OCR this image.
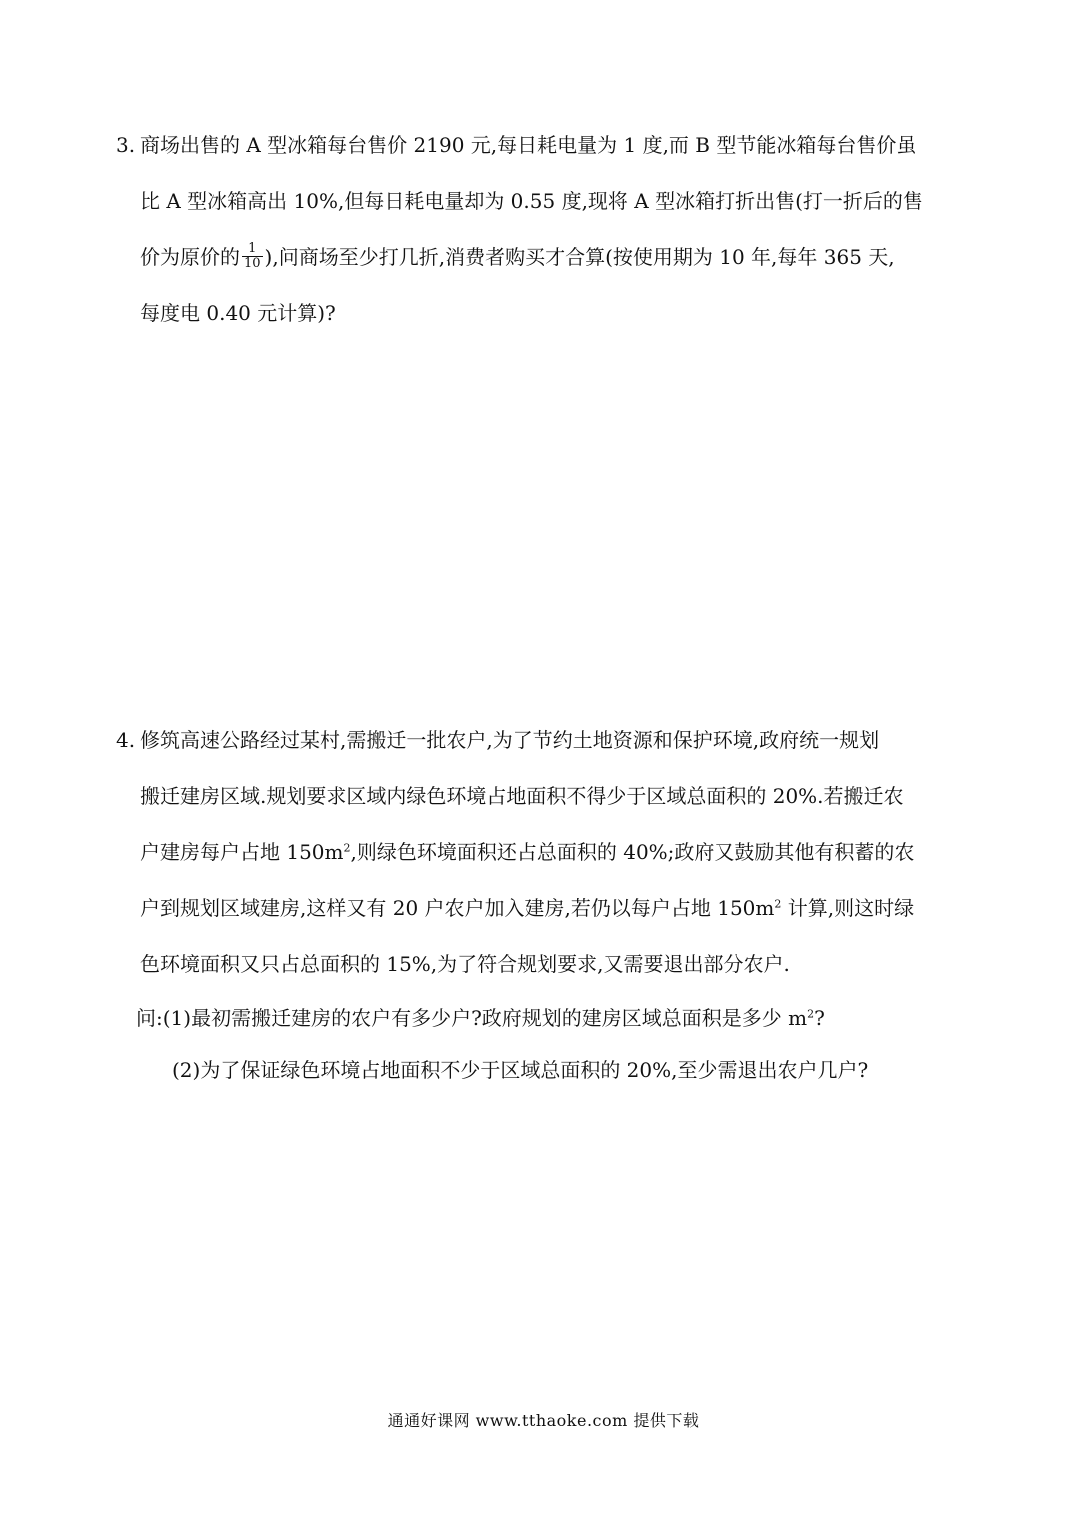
3. 商场出售的 A 型冰箱每台售价 2190 元,每日耗电量为 1 度,而 B 型节能冰箱每台售价虽
比 A 型冰箱高出 10%,但每日耗电量却为 0.55 度,现将 A 型冰箱打折出售(打一折后的售
价为原价的 $\frac{1}{10}$ ),问商场至少打几折,消费者购买才合算(按使用期为 10 年,每年 365 天,
每度电 0.40 元计算)?
4. 修筑高速公路经过某村,需搬迁一批农户,为了节约土地资源和保护环境,政府统一规划
搬迁建房区域.规划要求区域内绿色环境占地面积不得少于区域总面积的 20%.若搬迁农
户建房每户占地 $150m^2$,则绿色环境面积还占总面积的 40%;政府又鼓励其他有积蓄的农
户到规划区域建房,这样又有 20 户农户加入建房,若仍以每户占地 $150m^2$ 计算,则这时绿
色环境面积又只占总面积的 15%,为了符合规划要求,又需要退出部分农户.
问:(1)最初需搬迁建房的农户有多少户?政府规划的建房区域总面积是多少 $m^2$?
(2)为了保证绿色环境占地面积不少于区域总面积的 20%,至少需退出农户几户?
通通好课网 www.tthaoke.com 提供下载
